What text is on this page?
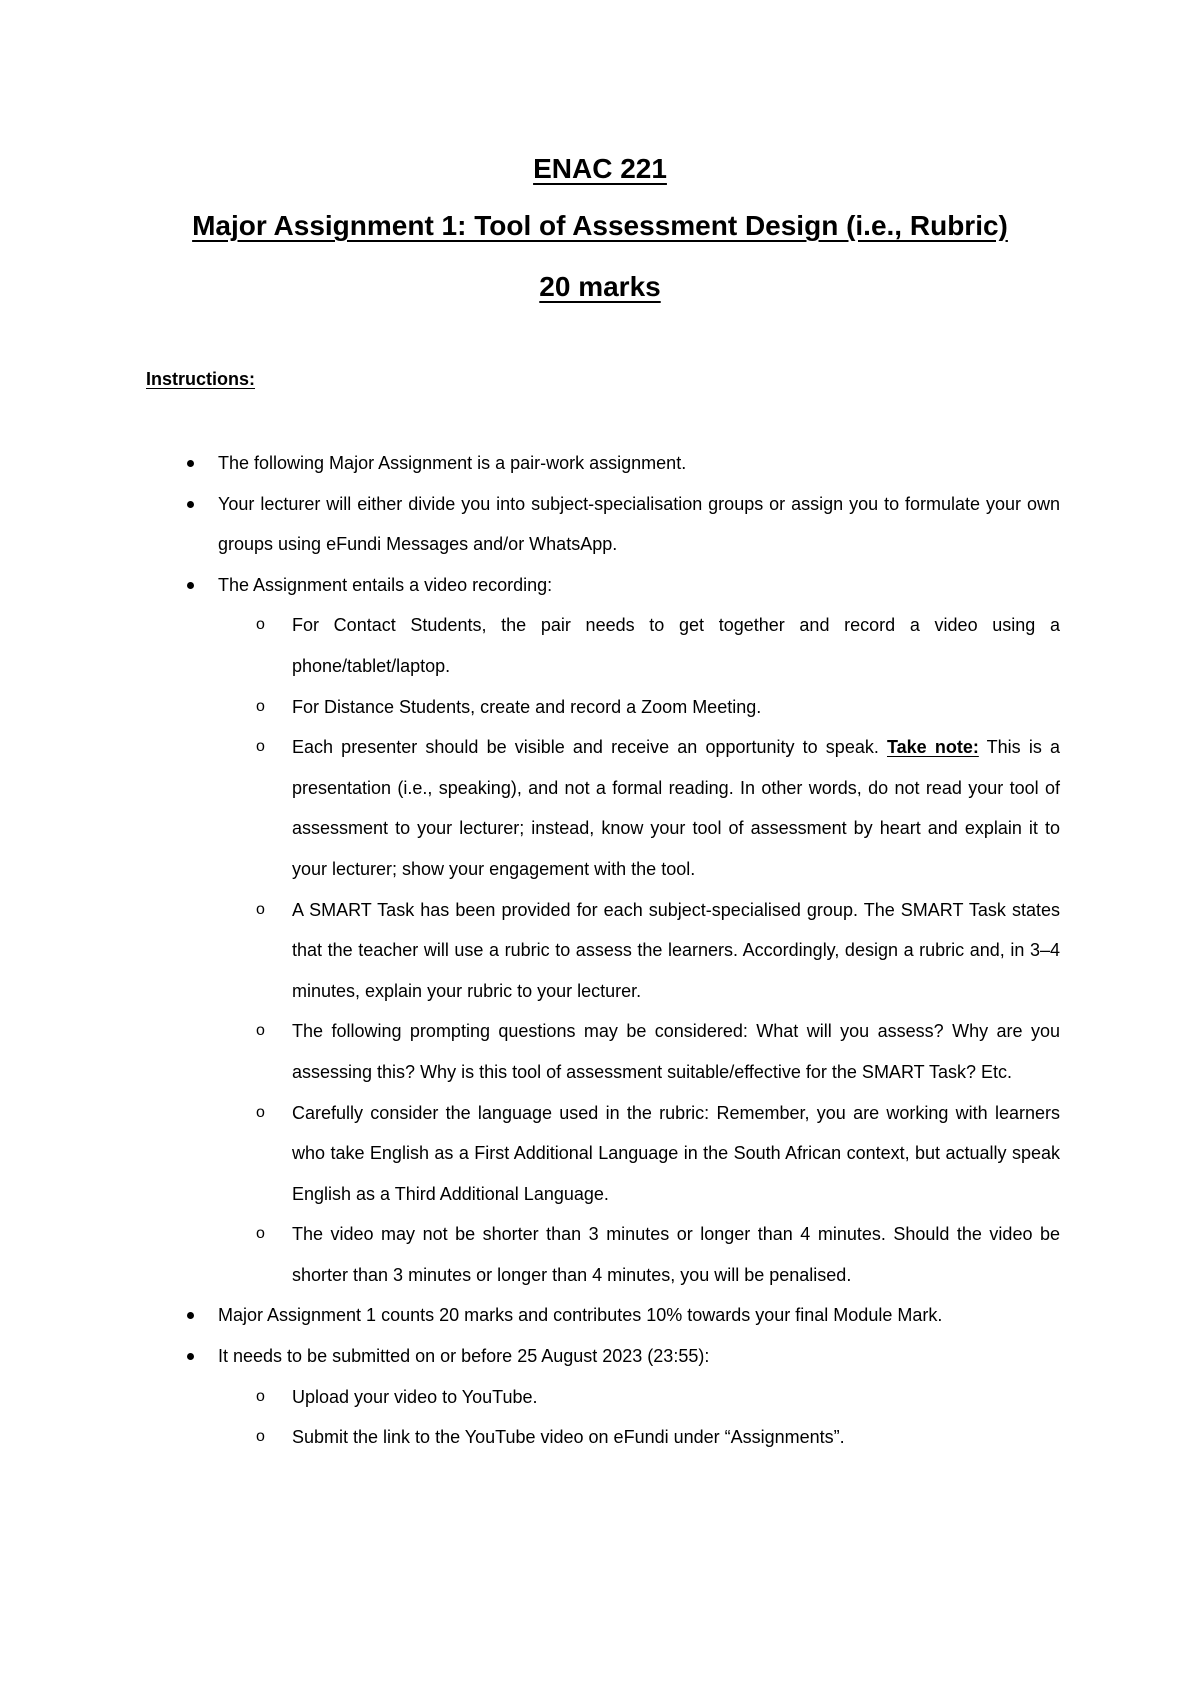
ENAC 221
Major Assignment 1: Tool of Assessment Design (i.e., Rubric)
20 marks
Instructions:
The following Major Assignment is a pair-work assignment.
Your lecturer will either divide you into subject-specialisation groups or assign you to formulate your own groups using eFundi Messages and/or WhatsApp.
The Assignment entails a video recording:
o For Contact Students, the pair needs to get together and record a video using a phone/tablet/laptop.
o For Distance Students, create and record a Zoom Meeting.
o Each presenter should be visible and receive an opportunity to speak. Take note: This is a presentation (i.e., speaking), and not a formal reading. In other words, do not read your tool of assessment to your lecturer; instead, know your tool of assessment by heart and explain it to your lecturer; show your engagement with the tool.
o A SMART Task has been provided for each subject-specialised group. The SMART Task states that the teacher will use a rubric to assess the learners. Accordingly, design a rubric and, in 3–4 minutes, explain your rubric to your lecturer.
o The following prompting questions may be considered: What will you assess? Why are you assessing this? Why is this tool of assessment suitable/effective for the SMART Task? Etc.
o Carefully consider the language used in the rubric: Remember, you are working with learners who take English as a First Additional Language in the South African context, but actually speak English as a Third Additional Language.
o The video may not be shorter than 3 minutes or longer than 4 minutes. Should the video be shorter than 3 minutes or longer than 4 minutes, you will be penalised.
Major Assignment 1 counts 20 marks and contributes 10% towards your final Module Mark.
It needs to be submitted on or before 25 August 2023 (23:55):
o Upload your video to YouTube.
o Submit the link to the YouTube video on eFundi under “Assignments”.
